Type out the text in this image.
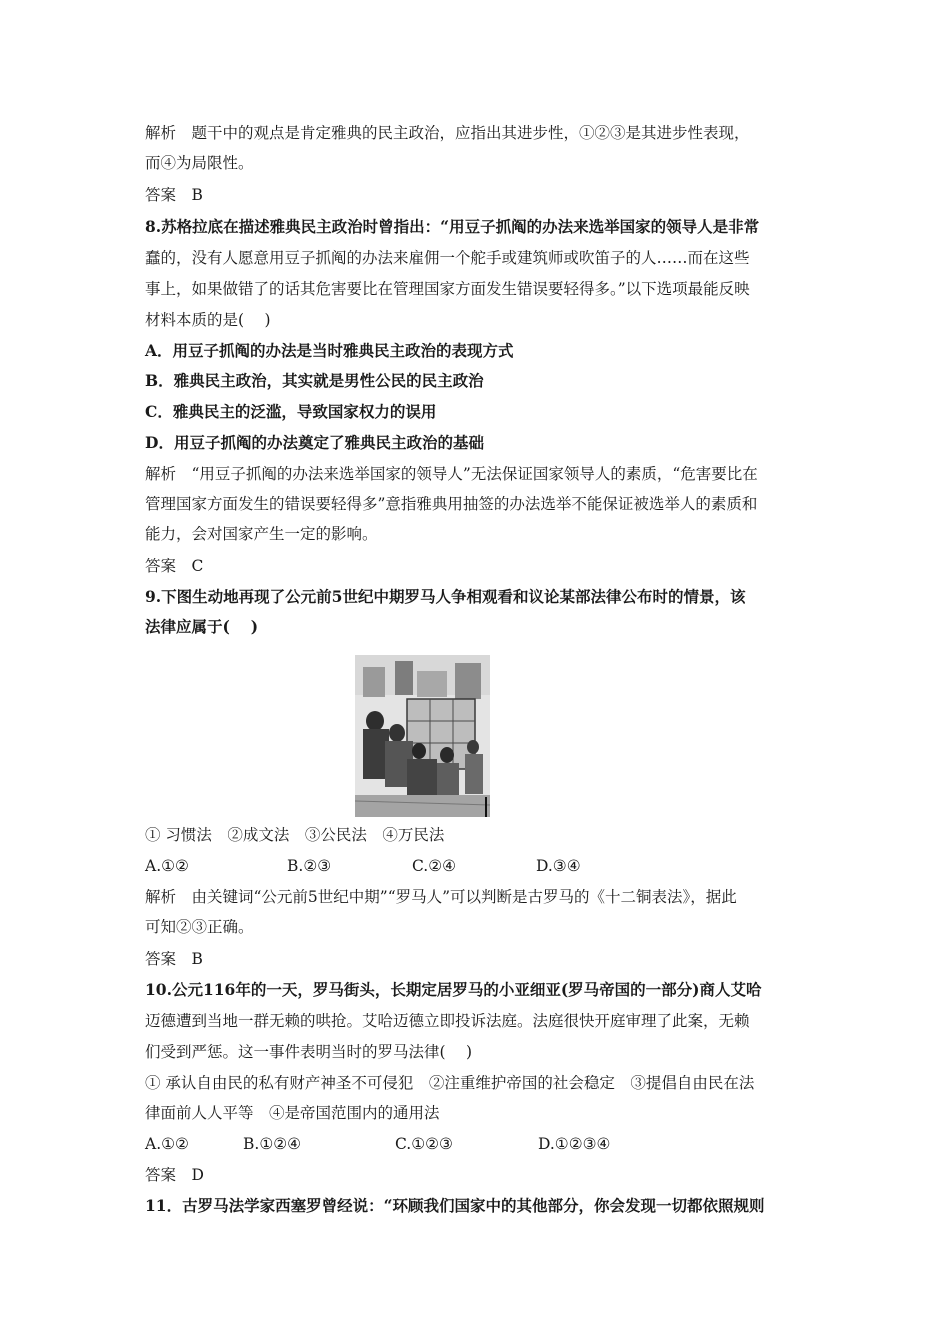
解析　题干中的观点是肯定雅典的民主政治，应指出其进步性，①②③是其进步性表现，
而④为局限性。
答案　B
8.苏格拉底在描述雅典民主政治时曾指出：“用豆子抓阄的办法来选举国家的领导人是非常
蠢的，没有人愿意用豆子抓阄的办法来雇佣一个舵手或建筑师或吹笛子的人……而在这些
事上，如果做错了的话其危害要比在管理国家方面发生错误要轻得多。”以下选项最能反映
材料本质的是(　 )
A．用豆子抓阄的办法是当时雅典民主政治的表现方式
B．雅典民主政治，其实就是男性公民的民主政治
C．雅典民主的泛滥，导致国家权力的误用
D．用豆子抓阄的办法奠定了雅典民主政治的基础
解析　“用豆子抓阄的办法来选举国家的领导人”无法保证国家领导人的素质，“危害要比在
管理国家方面发生的错误要轻得多”意指雅典用抽签的办法选举不能保证被选举人的素质和
能力，会对国家产生一定的影响。
答案　C
9.下图生动地再现了公元前5世纪中期罗马人争相观看和议论某部法律公布时的情景，该
法律应属于(　 )
① 习惯法　②成文法　③公民法　④万民法
A.①②	B.②③	C.②④	D.③④
解析　由关键词“公元前5世纪中期”“罗马人”可以判断是古罗马的《十二铜表法》，据此
可知②③正确。
答案　B
10.公元116年的一天，罗马街头，长期定居罗马的小亚细亚(罗马帝国的一部分)商人艾哈
迈德遭到当地一群无赖的哄抢。艾哈迈德立即投诉法庭。法庭很快开庭审理了此案，无赖
们受到严惩。这一事件表明当时的罗马法律(　 )
① 承认自由民的私有财产神圣不可侵犯　②注重维护帝国的社会稳定　③提倡自由民在法
律面前人人平等　④是帝国范围内的通用法
A.①②	B.①②④	C.①②③	D.①②③④
答案　D
11．古罗马法学家西塞罗曾经说：“环顾我们国家中的其他部分，你会发现一切都依照规则
